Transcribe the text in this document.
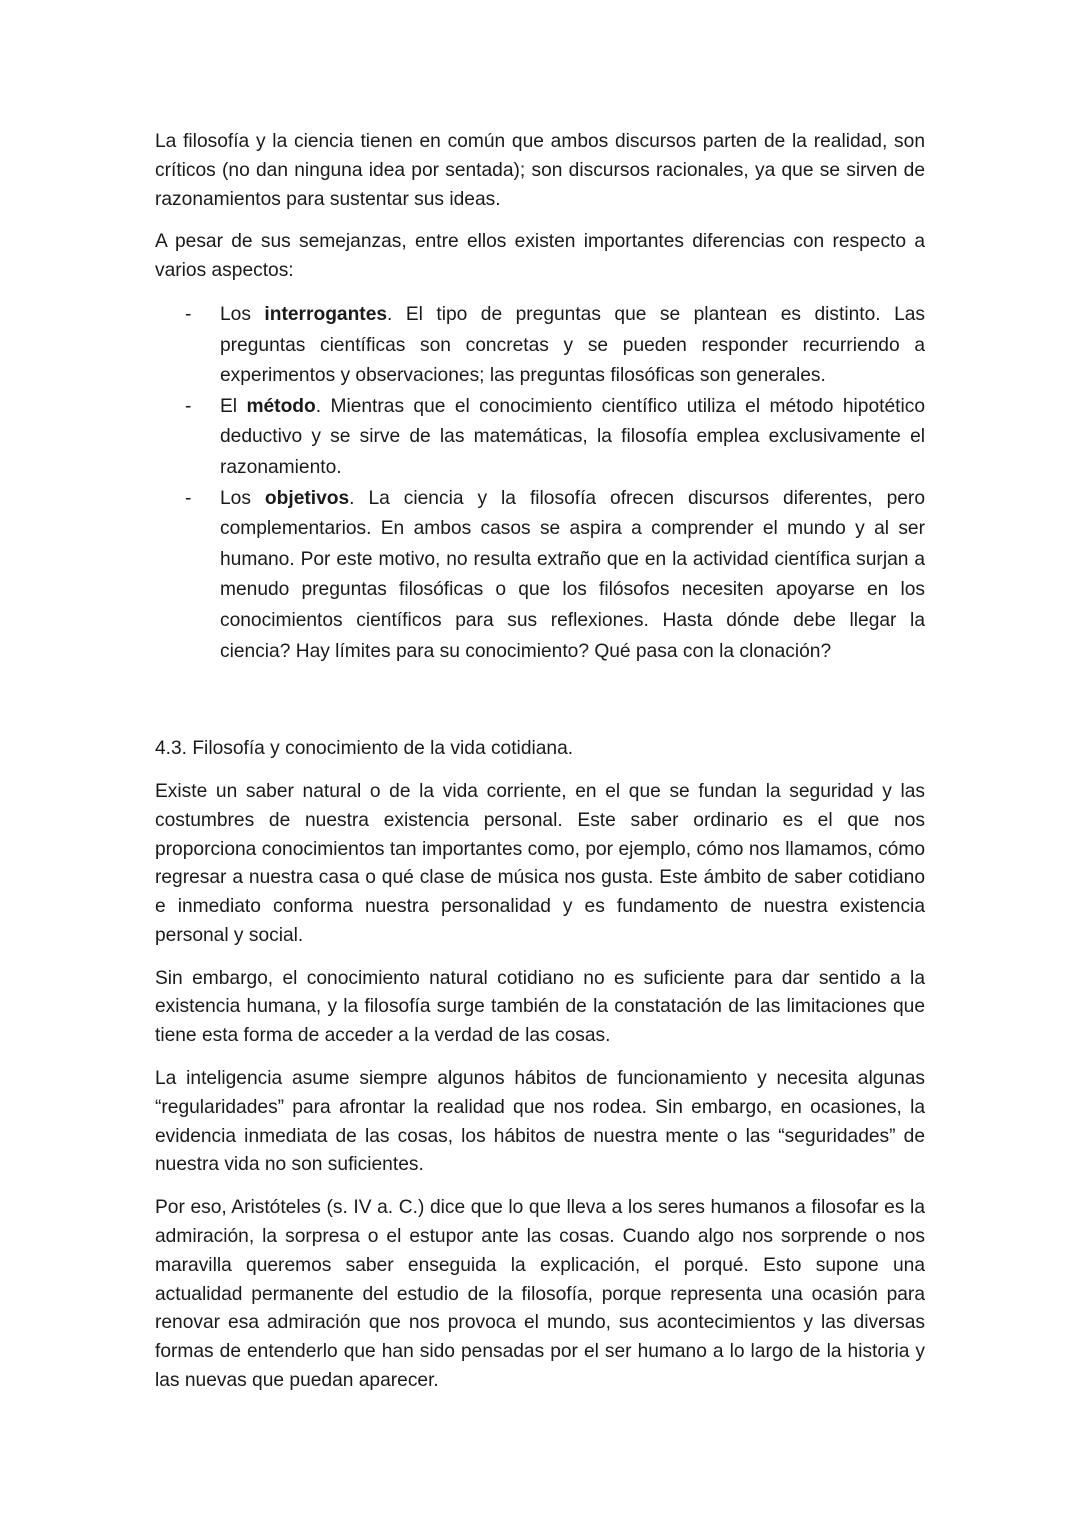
La filosofía y la ciencia tienen en común que ambos discursos parten de la realidad, son críticos (no dan ninguna idea por sentada); son discursos racionales, ya que se sirven de razonamientos para sustentar sus ideas.

A pesar de sus semejanzas, entre ellos existen importantes diferencias con respecto a varios aspectos:

- Los interrogantes. El tipo de preguntas que se plantean es distinto. Las preguntas científicas son concretas y se pueden responder recurriendo a experimentos y observaciones; las preguntas filosóficas son generales.
- El método. Mientras que el conocimiento científico utiliza el método hipotético deductivo y se sirve de las matemáticas, la filosofía emplea exclusivamente el razonamiento.
- Los objetivos. La ciencia y la filosofía ofrecen discursos diferentes, pero complementarios. En ambos casos se aspira a comprender el mundo y al ser humano. Por este motivo, no resulta extraño que en la actividad científica surjan a menudo preguntas filosóficas o que los filósofos necesiten apoyarse en los conocimientos científicos para sus reflexiones. Hasta dónde debe llegar la ciencia? Hay límites para su conocimiento? Qué pasa con la clonación?
4.3. Filosofía y conocimiento de la vida cotidiana.

Existe un saber natural o de la vida corriente, en el que se fundan la seguridad y las costumbres de nuestra existencia personal. Este saber ordinario es el que nos proporciona conocimientos tan importantes como, por ejemplo, cómo nos llamamos, cómo regresar a nuestra casa o qué clase de música nos gusta. Este ámbito de saber cotidiano e inmediato conforma nuestra personalidad y es fundamento de nuestra existencia personal y social.

Sin embargo, el conocimiento natural cotidiano no es suficiente para dar sentido a la existencia humana, y la filosofía surge también de la constatación de las limitaciones que tiene esta forma de acceder a la verdad de las cosas.

La inteligencia asume siempre algunos hábitos de funcionamiento y necesita algunas “regularidades” para afrontar la realidad que nos rodea. Sin embargo, en ocasiones, la evidencia inmediata de las cosas, los hábitos de nuestra mente o las “seguridades” de nuestra vida no son suficientes.

Por eso, Aristóteles (s. IV a. C.) dice que lo que lleva a los seres humanos a filosofar es la admiración, la sorpresa o el estupor ante las cosas. Cuando algo nos sorprende o nos maravilla queremos saber enseguida la explicación, el porqué. Esto supone una actualidad permanente del estudio de la filosofía, porque representa una ocasión para renovar esa admiración que nos provoca el mundo, sus acontecimientos y las diversas formas de entenderlo que han sido pensadas por el ser humano a lo largo de la historia y las nuevas que puedan aparecer.
